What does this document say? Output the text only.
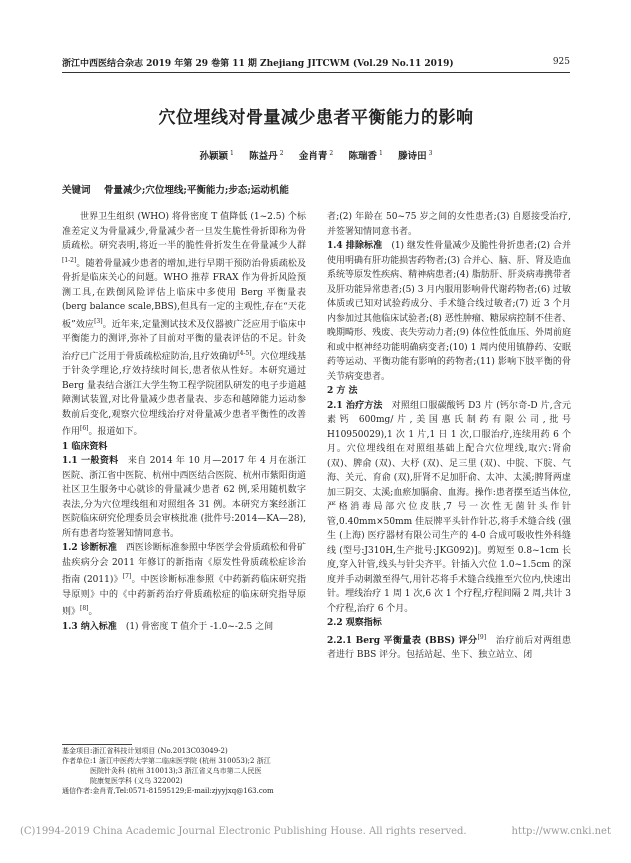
浙江中西医结合杂志 2019 年第 29 卷第 11 期 Zhejiang JITCWM (Vol.29 No.11 2019)	925
穴位埋线对骨量减少患者平衡能力的影响
孙颖颖 $^1$ 陈益丹 $^2$ 金肖青 $^2$ 陈瑞香 $^1$ 滕诗田 $^3$
关键词 骨量减少;穴位埋线;平衡能力;步态;运动机能

世界卫生组织 (WHO) 将骨密度 T 值降低 (1~2.5) 个标准差定义为骨量减少,骨量减少者一旦发生脆性骨折即称为骨质疏松。研究表明,将近一半的脆性骨折发生在骨量减少人群[1-2]。随着骨量减少患者的增加,进行早期干预防治骨质疏松及骨折是临床关心的问题。WHO 推荐 FRAX 作为骨折风险预测工具,在跌倒风险评估上临床中多使用 Berg 平衡量表 (berg balance scale,BBS),但具有一定的主观性,存在“天花板”效应[3]。近年来,定量测试技术及仪器被广泛应用于临床中平衡能力的测评,弥补了目前对平衡的量表评估的不足。针灸治疗已广泛用于骨质疏松症防治,且疗效确切[4-5]。穴位埋线基于针灸学理论,疗效持续时间长,患者依从性好。本研究通过 Berg 量表结合浙江大学生物工程学院团队研发的电子步道越障测试装置,对比骨量减少患者量表、步态和越障能力运动参数前后变化,观察穴位埋线治疗对骨量减少患者平衡性的改善作用[6]。报道如下。

1 临床资料

1.1 一般资料　 来自 2014 年 10 月—2017 年 4 月在浙江医院、浙江省中医院、杭州中西医结合医院、杭州市紫阳街道社区卫生服务中心就诊的骨量减少患者 62 例,采用随机数字表法,分为穴位埋线组和对照组各 31 例。本研究方案经浙江医院临床研究伦理委员会审核批准 (批件号:2014—KA—28),所有患者均签署知情同意书。

1.2 诊断标准　 西医诊断标准参照中华医学会骨质疏松和骨矿盐疾病分会 2011 年修订的新指南《原发性骨质疏松症诊治指南 (2011)》[7]。中医诊断标准参照《中药新药临床研究指导原则》中的《中药新药治疗骨质疏松症的临床研究指导原则》[8]。

1.3 纳入标准　 (1) 骨密度 T 值介于 -1.0~-2.5 之间

者;(2) 年龄在 50~75 岁之间的女性患者;(3) 自愿接受治疗,并签署知情同意书者。

1.4 排除标准　 (1) 继发性骨量减少及脆性骨折患者;(2) 合并使用明确有肝功能损害药物者;(3) 合并心、脑、肝、肾及造血系统等原发性疾病、精神病患者;(4) 脂肪肝、肝炎病毒携带者及肝功能异常患者;(5) 3 月内服用影响骨代谢药物者;(6) 过敏体质或已知对试验药成分、手术缝合线过敏者;(7) 近 3 个月内参加过其他临床试验者;(8) 恶性肿瘤、糖尿病控制不佳者、晚期畸形、残废、丧失劳动力者;(9) 体位性低血压、外周前庭和或中枢神经功能明确病变者;(10) 1 周内使用镇静药、安眠药等运动、平衡功能有影响的药物者;(11) 影响下肢平衡的骨关节病变患者。

2 方 法

2.1 治疗方法　 对照组口服碳酸钙 D3 片 (钙尔奇-D 片,含元素钙 600mg/片,美国惠氏制药有限公司,批号 H10950029),1 次 1 片,1 日 1 次,口服治疗,连续用药 6 个月。穴位埋线组在对照组基础上配合穴位埋线,取穴:肾俞 (双)、脾俞 (双)、大杼 (双)、足三里 (双)、中脘、下脘、气海、关元、育俞 (双),肝肾不足加肝俞、太冲、太溪;脾肾两虚加三阴交、太溪;血瘀加膈俞、血海。操作:患者摆至适当体位,严格消毒局部穴位皮肤,7 号一次性无菌针头作针管,0.40mm×50mm 佳辰牌平头针作针芯,将手术缝合线 (强生 (上海) 医疗器材有限公司生产的 4-0 合成可吸收性外科缝线 (型号:J310H,生产批号:JKG092)]。剪短至 0.8~1cm 长度,穿入针管,线头与针尖齐平。针插入穴位 1.0~1.5cm 的深度并手动刺激至得气,用针芯将手术缝合线推至穴位内,快速出针。埋线治疗 1 周 1 次,6 次 1 个疗程,疗程间隔 2 周,共计 3 个疗程,治疗 6 个月。

2.2 观察指标

2.2.1 Berg 平衡量表 (BBS) 评分[9]　 治疗前后对两组患者进行 BBS 评分。包括站起、坐下、独立站立、闭

基金项目:浙江省科技计划项目 (No.2013C03049-2)
作者单位:1 浙江中医药大学第二临床医学院 (杭州 310053);2 浙江
医院针灸科 (杭州 310013);3 浙江省义乌市第二人民医
院康复医学科 (义乌 322002)
通信作者:金肖青,Tel:0571-81595129;E-mail:zjyyjxq@163.com
(C)1994-2019 China Academic Journal Electronic Publishing House. All rights reserved.	http://www.cnki.net
